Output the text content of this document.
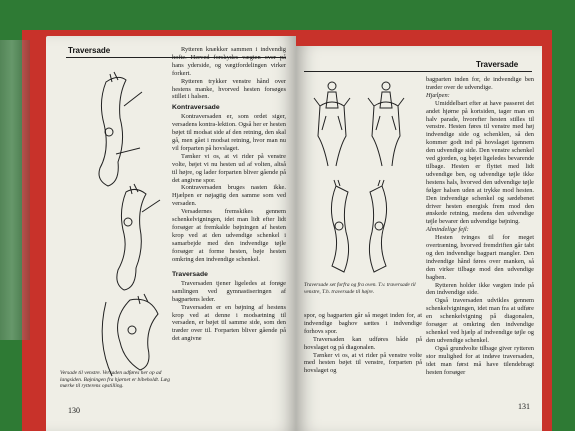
Traversade	Rytteren knækker sammen i indvendig hofte. Herved forskydes vægten over på hans yderside, og vægtfordelingen virker forkert.

Rytteren trykker venstre hånd over hestens manke, hvorved hesten forsøges stillet i halsen.

Kontraversade

Kontraversaden er, som ordet siger, versadens kontra-lektion. Også her er hesten bøjet til modsat side af den retning, den skal gå, men gået i modsat retning, hvor man nu vil forparten på hovslaget.

Tænker vi os, at vi rider på venstre volte, bøjet vi nu hesten ud af volten, altså til højre, og lader forparten bliver gående på det angivne spor.

Kontraversaden bruges nasten ikke. Hjælpen er nøjagtig den samme som ved versaden.

Versadernes fremskikes gennem schenkelvigningen, idet man lidt efter lidt forsøger at fremkalde bøjningen af hesten krop ved at den udvendige schenkel i samarbejde med den indvendige tøjle forsøger at forme hesten, bøje hesten omkring den indvendige schenkel.

Traversade

Traversaden tjener ligeledes at forøge samlingen ved gymnastiseringen af bagpartens leder.

Traversaden er en bøjning af hestens krop ved at denne i modsætning til versaden, er bøjet til samme side, som den træder over til. Forparten bliver gående på det angivne

Versade til venstre. Versaden udføres her op ad langsiden. Bøjningen fra hjørnet er bibeholdt. Læg mærke til rytterens opstilling.
130
Traversade
Traversade set forfra og fra oven. T.v. traversade til venstre, T.h. traversade til højre.

spor, og bagparten går så meget inden for, at indvendige baghov sættes i indvendige forhovs spor.

Traversaden kan udføres både på hovslaget og på diagonalen.

Tænker vi os, at vi rider på venstre volte med hesten bøjet til venstre, forparten på hovslaget og

bagparten inden for, de indvendige ben træder over de udvendige.

Hjælpen:

Umiddelbart efter at have passeret det andet hjørne på kortsiden, tager man en halv parade, hvorefter hesten stilles til venstre. Hesten føres til venstre med høj indvendige side og schenklen, så den kommer godt ind på hovslaget igennem den udvendige side. Den venstre schenkel ved gjorden, og bøjet ligeledes bevarende tilbage. Hesten er flyttet med lidt udvendige ben, og udvendige tøjle ikke hestens hals, hvorved den udvendige tøjle følger halsen uden at trykke mod hesten. Den indvendige schenkel og sædebenet driver hesten energisk frem mod den ønskede retning, medens den udvendige tøjle bevarer den udvendige bøjning.

Almindelige fejl:

Hesten tvinges til for meget overtræning, hvorved fremdriften går tabt og den indvendige bagpart mangler. Den indvendige hånd føres over manken, så den virker tilbage mod den udvendige bagben.

Rytteren holder ikke vægten inde på den indvendige side.

Også traversaden udvikles gennem schenkelvigningen, idet man fra at udføre en schenkelvigning på diagonalen, forsøger at omkring den indvendige schenkel ved hjælp af indvendige tøjle og den udvendige schenkel.

Også grundvolte tilbage giver rytteren stor mulighed for at indøve traversaden, idet man først må have tilendebragt hesten forsøger

131
